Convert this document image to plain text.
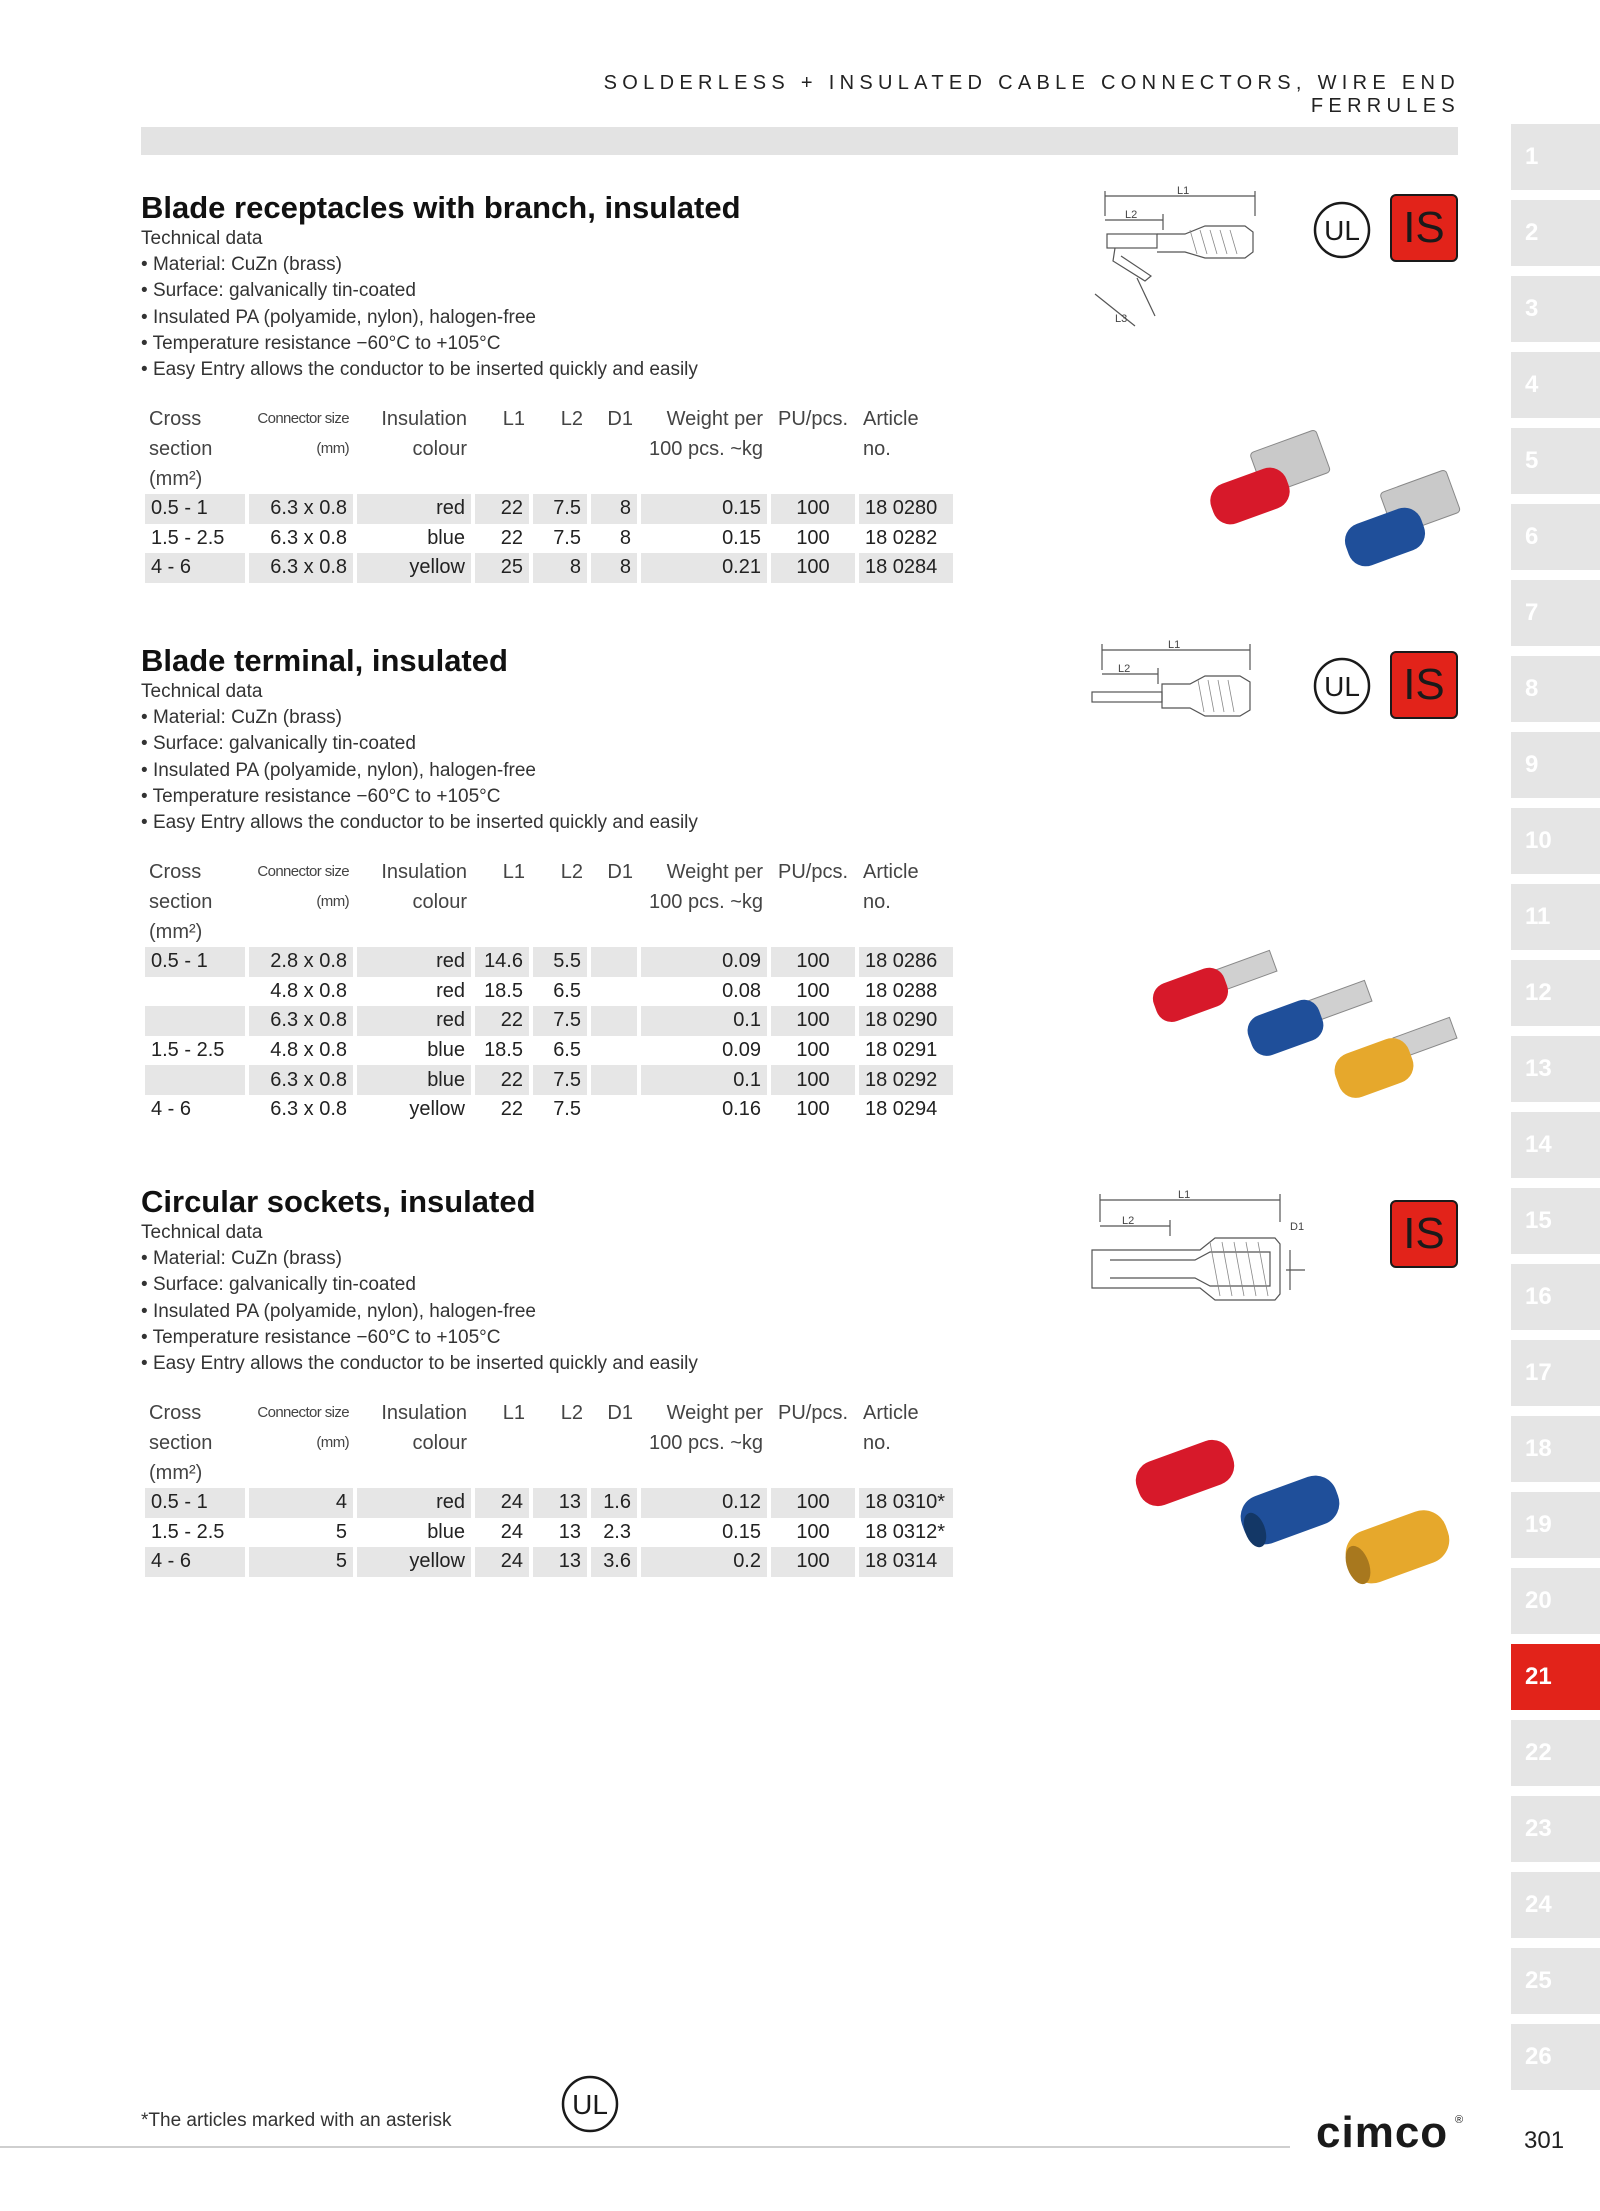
SOLDERLESS + INSULATED CABLE CONNECTORS, WIRE END FERRULES
Blade receptacles with branch, insulated
Technical data
• Material: CuZn (brass)
• Surface: galvanically tin-coated
• Insulated PA (polyamide, nylon), halogen-free
• Temperature resistance −60°C to +105°C
• Easy Entry allows the conductor to be inserted quickly and easily
Cross section (mm²)	Connector size (mm)	Insulation colour	L1	L2	D1	Weight per 100 pcs. ~kg	PU/pcs.	Article no.
0.5 - 1	6.3 x 0.8	red	22	7.5	8	0.15	100	18 0280
1.5 - 2.5	6.3 x 0.8	blue	22	7.5	8	0.15	100	18 0282
4 - 6	6.3 x 0.8	yellow	25	8	8	0.21	100	18 0284
L1
L2
L3
UL IS
Blade terminal, insulated
Technical data
• Material: CuZn (brass)
• Surface: galvanically tin-coated
• Insulated PA (polyamide, nylon), halogen-free
• Temperature resistance −60°C to +105°C
• Easy Entry allows the conductor to be inserted quickly and easily
Cross section (mm²)	Connector size (mm)	Insulation colour	L1	L2	D1	Weight per 100 pcs. ~kg	PU/pcs.	Article no.
0.5 - 1	2.8 x 0.8	red	14.6	5.5		0.09	100	18 0286
	4.8 x 0.8	red	18.5	6.5		0.08	100	18 0288
	6.3 x 0.8	red	22	7.5		0.1	100	18 0290
1.5 - 2.5	4.8 x 0.8	blue	18.5	6.5		0.09	100	18 0291
	6.3 x 0.8	blue	22	7.5		0.1	100	18 0292
4 - 6	6.3 x 0.8	yellow	22	7.5		0.16	100	18 0294
L1
L2
UL IS
Circular sockets, insulated
Technical data
• Material: CuZn (brass)
• Surface: galvanically tin-coated
• Insulated PA (polyamide, nylon), halogen-free
• Temperature resistance −60°C to +105°C
• Easy Entry allows the conductor to be inserted quickly and easily
Cross section (mm²)	Connector size (mm)	Insulation colour	L1	L2	D1	Weight per 100 pcs. ~kg	PU/pcs.	Article no.
0.5 - 1	4	red	24	13	1.6	0.12	100	18 0310*
1.5 - 2.5	5	blue	24	13	2.3	0.15	100	18 0312*
4 - 6	5	yellow	24	13	3.6	0.2	100	18 0314
L1
L2	D1	IS
1
2
3
4
5
6
7
8
9
10
11
12
13
14
15
16
17
18
19
20
21
22
23
24
25
26
*The articles marked with an asterisk
UL
cimco ®
301
